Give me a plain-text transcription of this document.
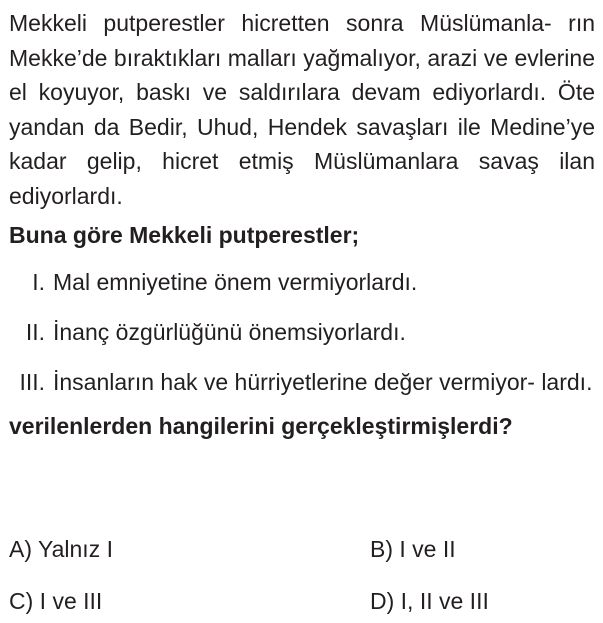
Mekkeli putperestler hicretten sonra Müslümanla- rın Mekke’de bıraktıkları malları yağmalıyor, arazi ve evlerine el koyuyor, baskı ve saldırılara devam ediyorlardı. Öte yandan da Bedir, Uhud, Hendek savaşları ile Medine’ye kadar gelip, hicret etmiş Müslümanlara savaş ilan ediyorlardı.

Buna göre Mekkeli putperestler;

I. Mal emniyetine önem vermiyorlardı.
II. İnanç özgürlüğünü önemsiyorlardı.
III. İnsanların hak ve hürriyetlerine değer vermiyor- lardı.

verilenlerden hangilerini gerçekleştirmişlerdi?

A) Yalnız I	B) I ve II
C) I ve III	D) I, II ve III
